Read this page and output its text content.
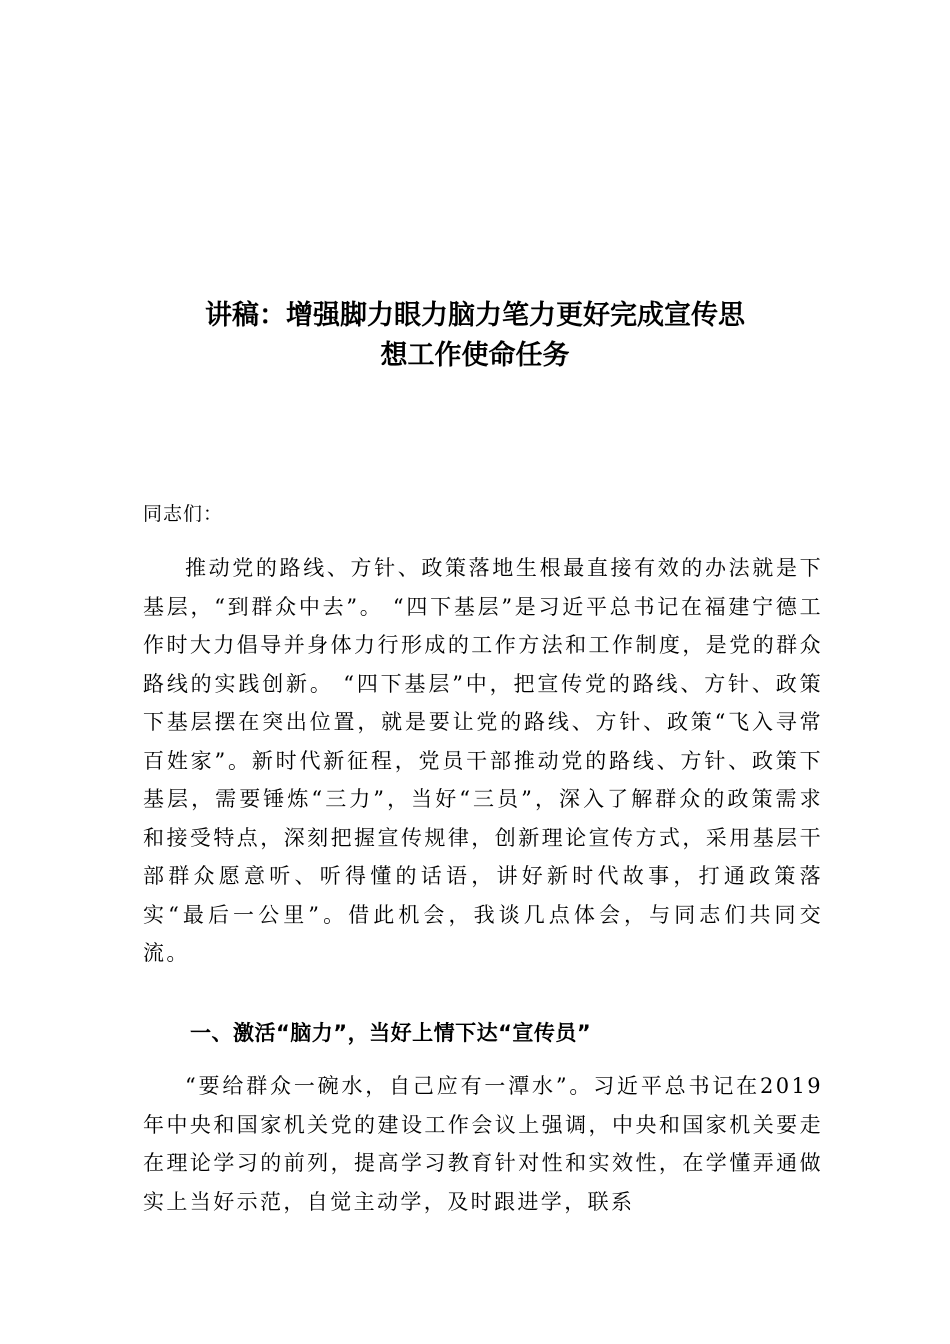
讲稿：增强脚力眼力脑力笔力更好完成宣传思
想工作使命任务
同志们：

推动党的路线、方针、政策落地生根最直接有效的办法就是下基层，“到群众中去”。 “四下基层”是习近平总书记在福建宁德工作时大力倡导并身体力行形成的工作方法和工作制度，是党的群众路线的实践创新。 “四下基层”中，把宣传党的路线、方针、政策下基层摆在突出位置，就是要让党的路线、方针、政策“飞入寻常百姓家”。新时代新征程，党员干部推动党的路线、方针、政策下基层，需要锤炼“三力”，当好“三员”，深入了解群众的政策需求和接受特点，深刻把握宣传规律，创新理论宣传方式，采用基层干部群众愿意听、听得懂的话语，讲好新时代故事，打通政策落实“最后一公里”。借此机会，我谈几点体会，与同志们共同交流。

一、激活“脑力”，当好上情下达“宣传员”

“要给群众一碗水，自己应有一潭水”。习近平总书记在2019 年中央和国家机关党的建设工作会议上强调，中央和国家机关要走在理论学习的前列，提高学习教育针对性和实效性，在学懂弄通做实上当好示范，自觉主动学，及时跟进学，联系
